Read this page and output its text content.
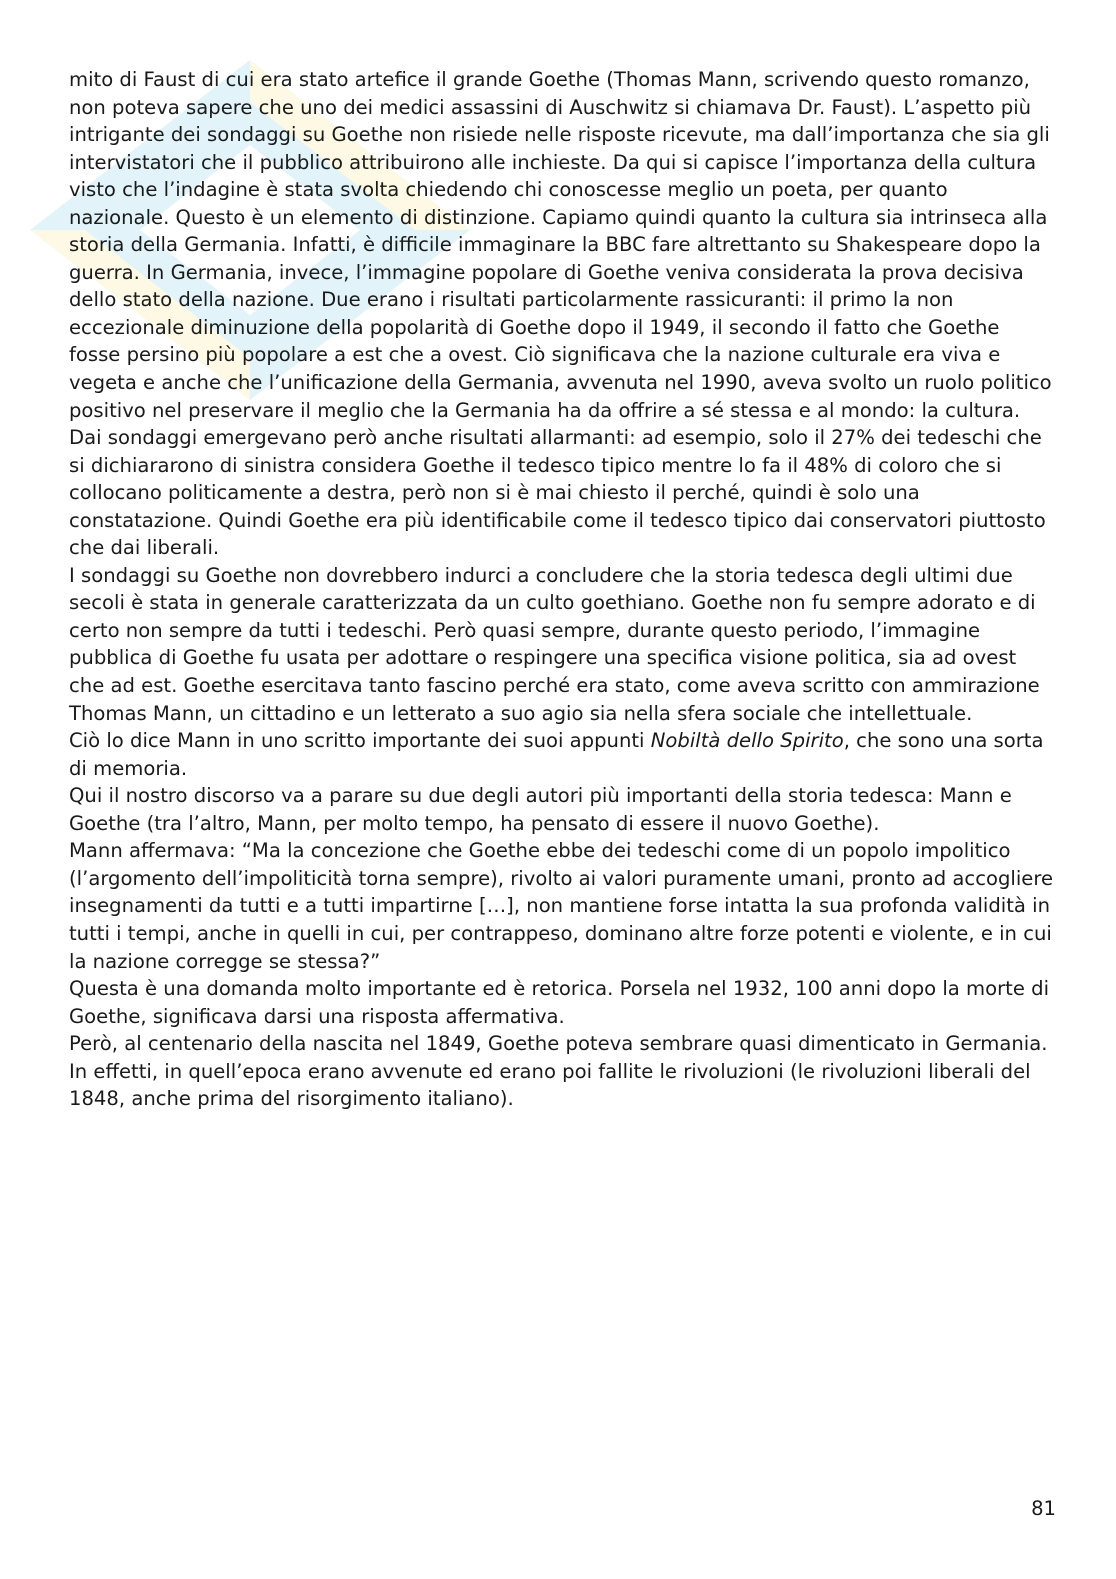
mito di Faust di cui era stato artefice il grande Goethe (Thomas Mann, scrivendo questo romanzo, non poteva sapere che uno dei medici assassini di Auschwitz si chiamava Dr. Faust). L’aspetto più intrigante dei sondaggi su Goethe non risiede nelle risposte ricevute, ma dall’importanza che sia gli intervistatori che il pubblico attribuirono alle inchieste. Da qui si capisce l’importanza della cultura visto che l’indagine è stata svolta chiedendo chi conoscesse meglio un poeta, per quanto nazionale. Questo è un elemento di distinzione. Capiamo quindi quanto la cultura sia intrinseca alla storia della Germania. Infatti, è difficile immaginare la BBC fare altrettanto su Shakespeare dopo la guerra. In Germania, invece, l’immagine popolare di Goethe veniva considerata la prova decisiva dello stato della nazione. Due erano i risultati particolarmente rassicuranti: il primo la non eccezionale diminuzione della popolarità di Goethe dopo il 1949, il secondo il fatto che Goethe fosse persino più popolare a est che a ovest. Ciò significava che la nazione culturale era viva e vegeta e anche che l’unificazione della Germania, avvenuta nel 1990, aveva svolto un ruolo politico positivo nel preservare il meglio che la Germania ha da offrire a sé stessa e al mondo: la cultura. Dai sondaggi emergevano però anche risultati allarmanti: ad esempio, solo il 27% dei tedeschi che si dichiararono di sinistra considera Goethe il tedesco tipico mentre lo fa il 48% di coloro che si collocano politicamente a destra, però non si è mai chiesto il perché, quindi è solo una constatazione. Quindi Goethe era più identificabile come il tedesco tipico dai conservatori piuttosto che dai liberali.

I sondaggi su Goethe non dovrebbero indurci a concludere che la storia tedesca degli ultimi due secoli è stata in generale caratterizzata da un culto goethiano. Goethe non fu sempre adorato e di certo non sempre da tutti i tedeschi. Però quasi sempre, durante questo periodo, l’immagine pubblica di Goethe fu usata per adottare o respingere una specifica visione politica, sia ad ovest che ad est. Goethe esercitava tanto fascino perché era stato, come aveva scritto con ammirazione Thomas Mann, un cittadino e un letterato a suo agio sia nella sfera sociale che intellettuale.

Ciò lo dice Mann in uno scritto importante dei suoi appunti Nobiltà dello Spirito, che sono una sorta di memoria.

Qui il nostro discorso va a parare su due degli autori più importanti della storia tedesca: Mann e Goethe (tra l’altro, Mann, per molto tempo, ha pensato di essere il nuovo Goethe).

Mann affermava: “Ma la concezione che Goethe ebbe dei tedeschi come di un popolo impolitico (l’argomento dell’impoliticità torna sempre), rivolto ai valori puramente umani, pronto ad accogliere insegnamenti da tutti e a tutti impartirne […], non mantiene forse intatta la sua profonda validità in tutti i tempi, anche in quelli in cui, per contrappeso, dominano altre forze potenti e violente, e in cui la nazione corregge se stessa?”

Questa è una domanda molto importante ed è retorica. Porsela nel 1932, 100 anni dopo la morte di Goethe, significava darsi una risposta affermativa.

Però, al centenario della nascita nel 1849, Goethe poteva sembrare quasi dimenticato in Germania.

In effetti, in quell’epoca erano avvenute ed erano poi fallite le rivoluzioni (le rivoluzioni liberali del 1848, anche prima del risorgimento italiano).

81
